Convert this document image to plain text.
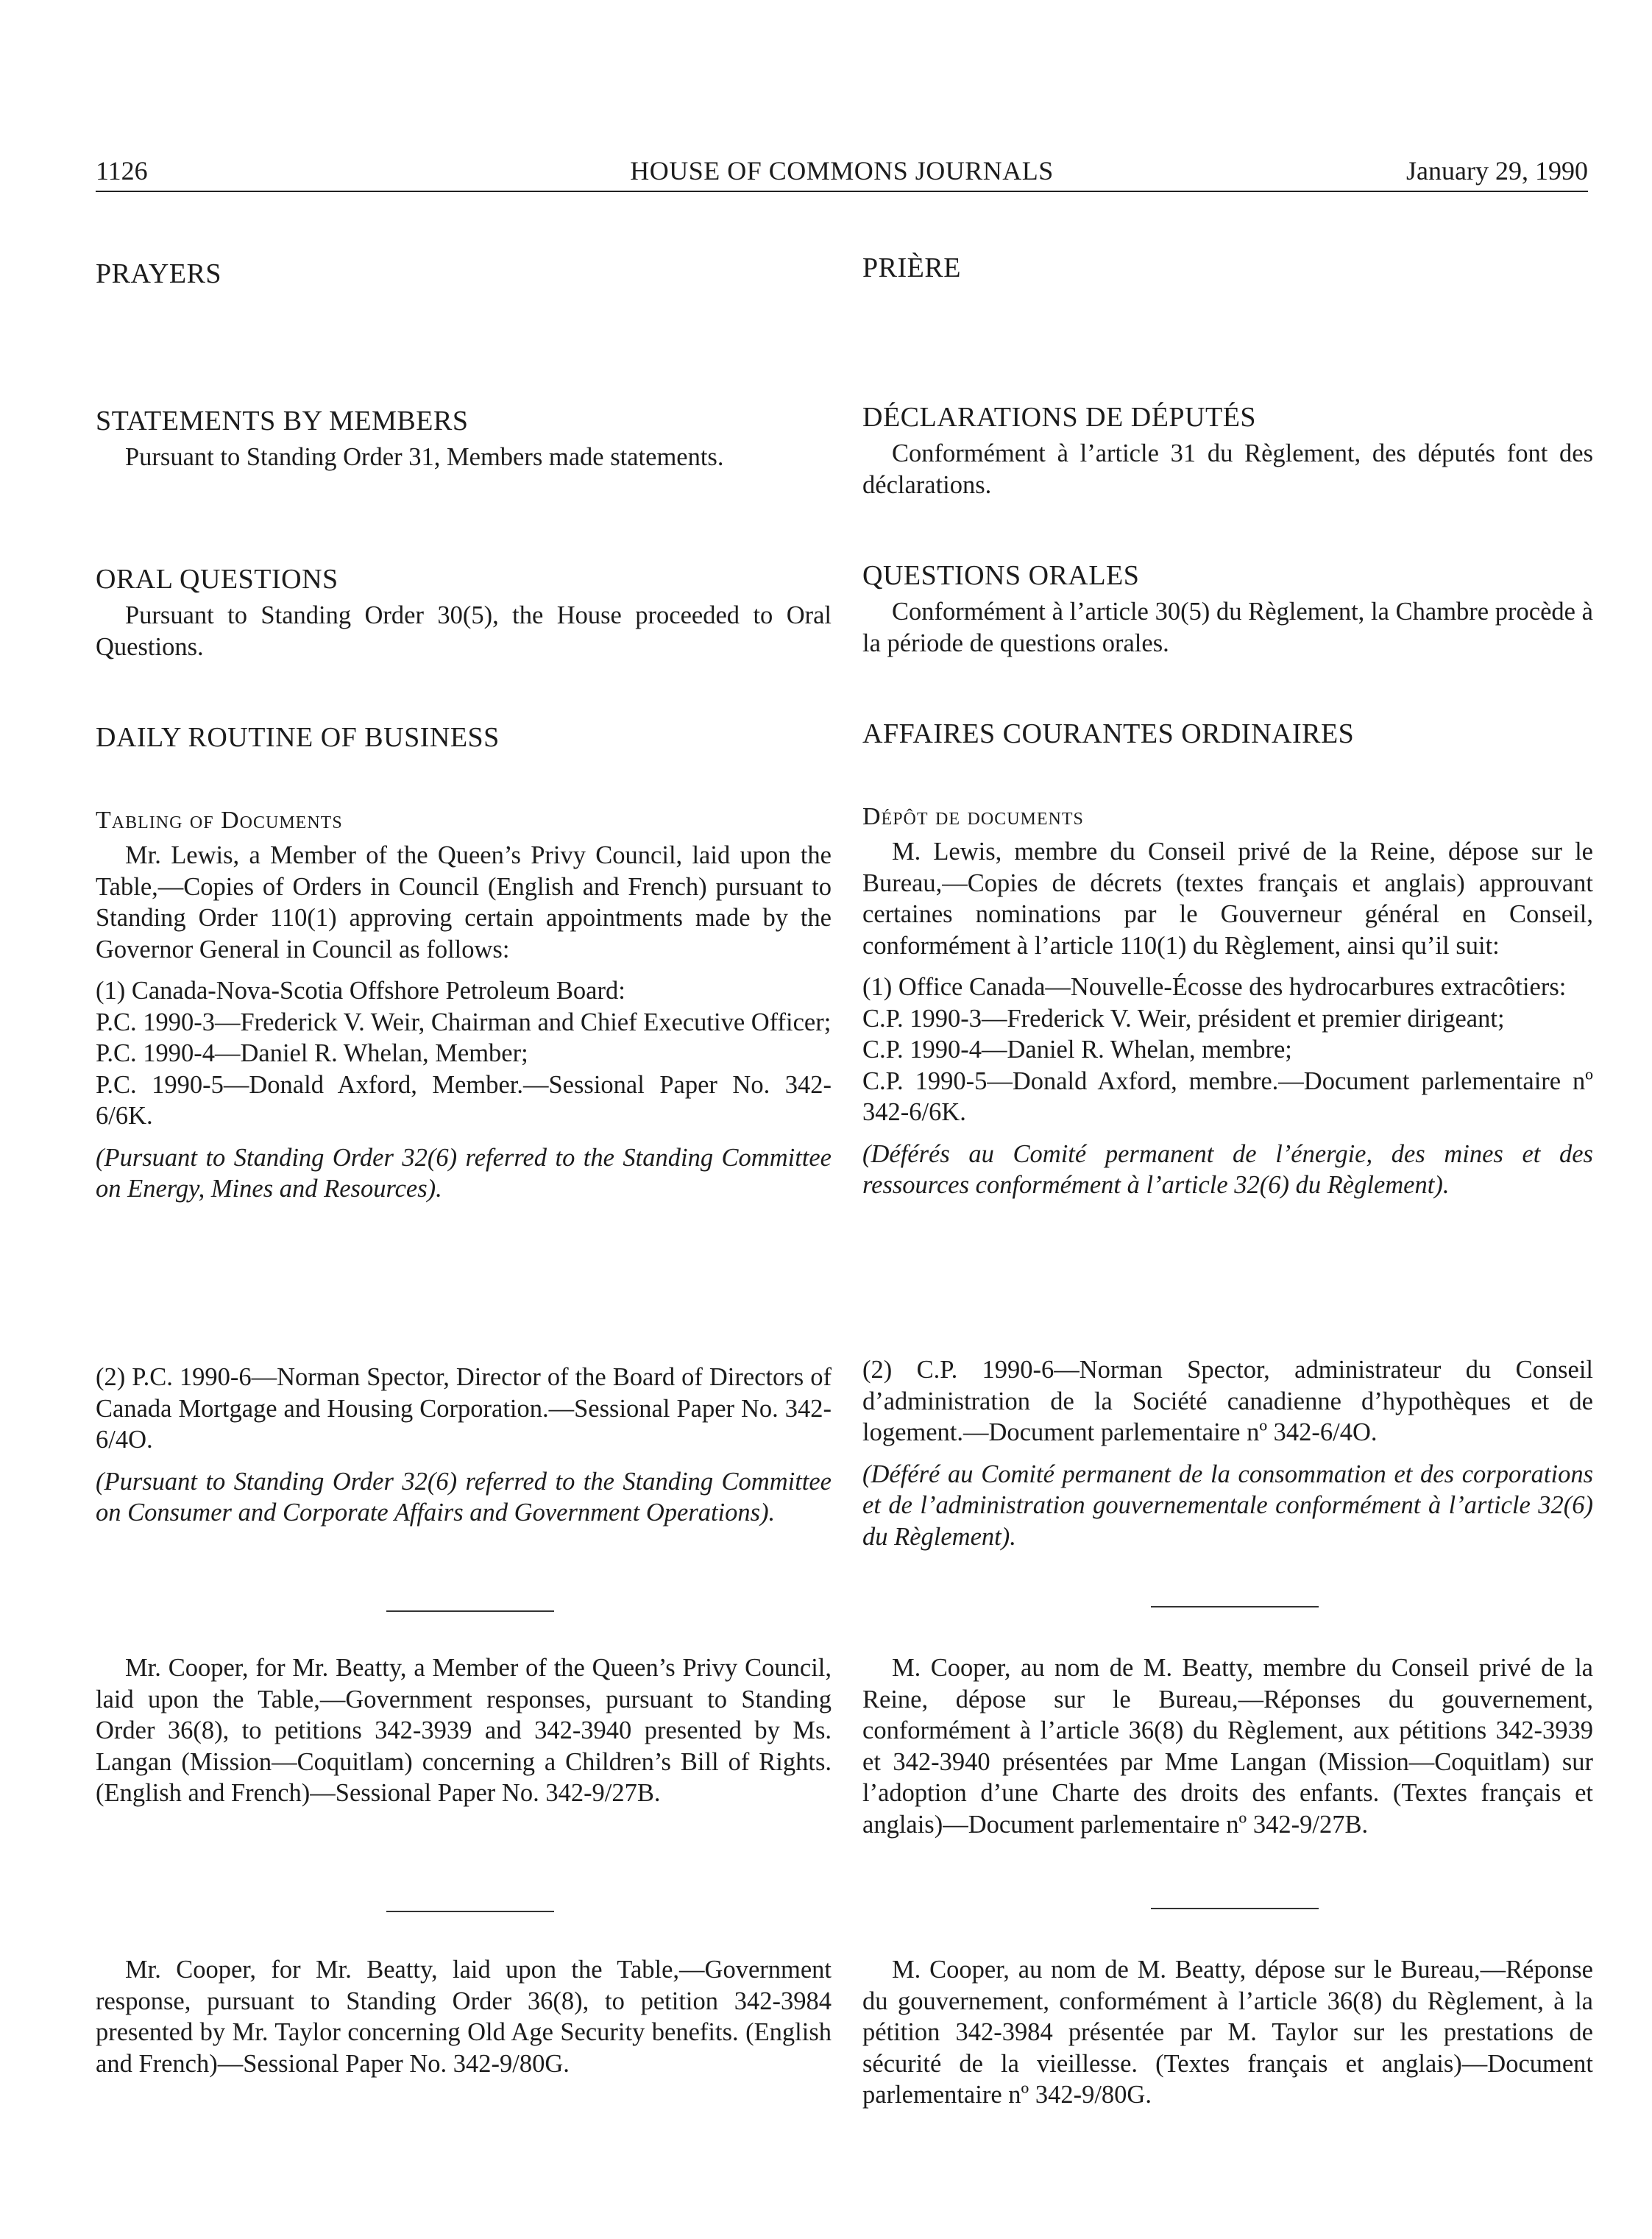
1126	HOUSE OF COMMONS JOURNALS	January 29, 1990
PRAYERS
STATEMENTS BY MEMBERS

Pursuant to Standing Order 31, Members made statements.

ORAL QUESTIONS

Pursuant to Standing Order 30(5), the House proceeded to Oral Questions.

DAILY ROUTINE OF BUSINESS
Tabling of Documents

Mr. Lewis, a Member of the Queen’s Privy Council, laid upon the Table,—Copies of Orders in Council (English and French) pursuant to Standing Order 110(1) approving certain appointments made by the Governor General in Council as follows:

(1) Canada-Nova-Scotia Offshore Petroleum Board:

P.C. 1990-3—Frederick V. Weir, Chairman and Chief Executive Officer;

P.C. 1990-4—Daniel R. Whelan, Member;

P.C. 1990-5—Donald Axford, Member.—Sessional Paper No. 342-6/6K.

(Pursuant to Standing Order 32(6) referred to the Standing Committee on Energy, Mines and Resources).

(2) P.C. 1990-6—Norman Spector, Director of the Board of Directors of Canada Mortgage and Housing Corporation.—Sessional Paper No. 342-6/4O.

(Pursuant to Standing Order 32(6) referred to the Standing Committee on Consumer and Corporate Affairs and Government Operations).

Mr. Cooper, for Mr. Beatty, a Member of the Queen’s Privy Council, laid upon the Table,—Government responses, pursuant to Standing Order 36(8), to petitions 342-3939 and 342-3940 presented by Ms. Langan (Mission—Coquitlam) concerning a Children’s Bill of Rights. (English and French)—Sessional Paper No. 342-9/27B.

Mr. Cooper, for Mr. Beatty, laid upon the Table,—Government response, pursuant to Standing Order 36(8), to petition 342-3984 presented by Mr. Taylor concerning Old Age Security benefits. (English and French)—Sessional Paper No. 342-9/80G.

PRIÈRE
DÉCLARATIONS DE DÉPUTÉS

Conformément à l’article 31 du Règlement, des députés font des déclarations.

QUESTIONS ORALES

Conformément à l’article 30(5) du Règlement, la Chambre procède à la période de questions orales.

AFFAIRES COURANTES ORDINAIRES
Dépôt de documents

M. Lewis, membre du Conseil privé de la Reine, dépose sur le Bureau,—Copies de décrets (textes français et anglais) approuvant certaines nominations par le Gouverneur général en Conseil, conformément à l’article 110(1) du Règlement, ainsi qu’il suit:

(1) Office Canada—Nouvelle-Écosse des hydrocarbures extracôtiers:

C.P. 1990-3—Frederick V. Weir, président et premier dirigeant;

C.P. 1990-4—Daniel R. Whelan, membre;

C.P. 1990-5—Donald Axford, membre.—Document parlementaire nº 342-6/6K.

(Déférés au Comité permanent de l’énergie, des mines et des ressources conformément à l’article 32(6) du Règlement).

(2) C.P. 1990-6—Norman Spector, administrateur du Conseil d’administration de la Société canadienne d’hypothèques et de logement.—Document parlementaire nº 342-6/4O.

(Déféré au Comité permanent de la consommation et des corporations et de l’administration gouvernementale conformément à l’article 32(6) du Règlement).

M. Cooper, au nom de M. Beatty, membre du Conseil privé de la Reine, dépose sur le Bureau,—Réponses du gouvernement, conformément à l’article 36(8) du Règlement, aux pétitions 342-3939 et 342-3940 présentées par Mme Langan (Mission—Coquitlam) sur l’adoption d’une Charte des droits des enfants. (Textes français et anglais)—Document parlementaire nº 342-9/27B.

M. Cooper, au nom de M. Beatty, dépose sur le Bureau,—Réponse du gouvernement, conformément à l’article 36(8) du Règlement, à la pétition 342-3984 présentée par M. Taylor sur les prestations de sécurité de la vieillesse. (Textes français et anglais)—Document parlementaire nº 342-9/80G.
